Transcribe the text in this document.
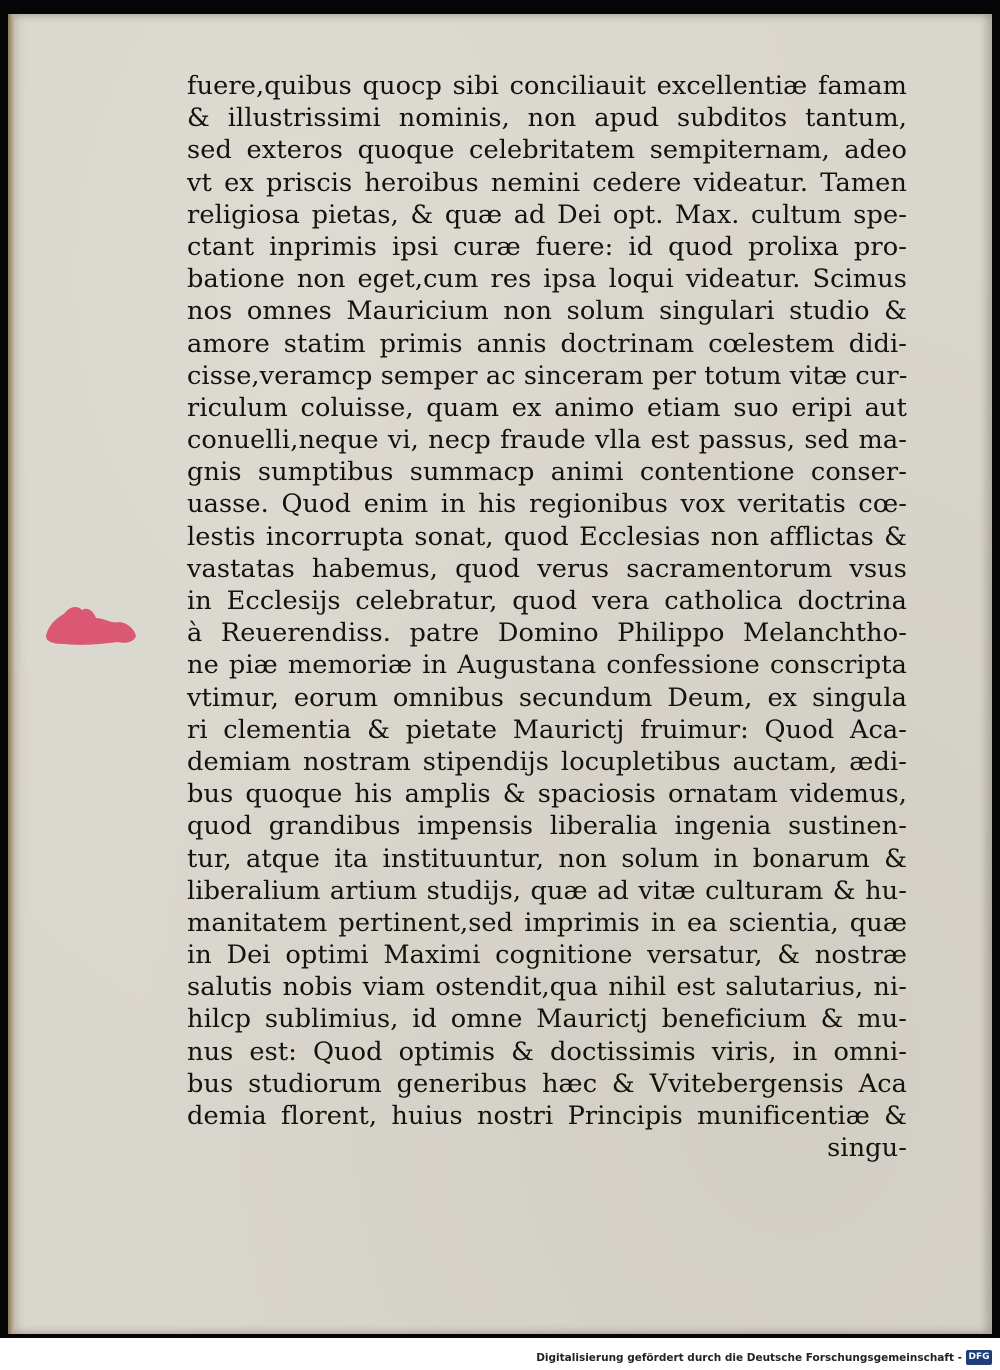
fuere,quibus quocp sibi conciliauit excellentiæ famam
& illustrissimi nominis, non apud subditos tantum,
sed exteros quoque celebritatem sempiternam, adeo
vt ex priscis heroibus nemini cedere videatur. Tamen
religiosa pietas, & quæ ad Dei opt. Max. cultum spe-
ctant inprimis ipsi curæ fuere: id quod prolixa pro-
batione non eget,cum res ipsa loqui videatur. Scimus
nos omnes Mauricium non solum singulari studio &
amore statim primis annis doctrinam cœlestem didi-
cisse,veramcp semper ac sinceram per totum vitæ cur-
riculum coluisse, quam ex animo etiam suo eripi aut
conuelli,neque vi, necp fraude vlla est passus, sed ma-
gnis sumptibus summacp animi contentione conser-
uasse. Quod enim in his regionibus vox veritatis cœ-
lestis incorrupta sonat, quod Ecclesias non afflictas &
vastatas habemus, quod verus sacramentorum vsus
in Ecclesijs celebratur, quod vera catholica doctrina
à Reuerendiss. patre Domino Philippo Melanchtho-
ne piæ memoriæ in Augustana confessione conscripta
vtimur, eorum omnibus secundum Deum, ex singula
ri clementia & pietate Maurictj fruimur: Quod Aca-
demiam nostram stipendijs locupletibus auctam, ædi-
bus quoque his amplis & spaciosis ornatam videmus,
quod grandibus impensis liberalia ingenia sustinen-
tur, atque ita instituuntur, non solum in bonarum &
liberalium artium studijs, quæ ad vitæ culturam & hu-
manitatem pertinent,sed imprimis in ea scientia, quæ
in Dei optimi Maximi cognitione versatur, & nostræ
salutis nobis viam ostendit,qua nihil est salutarius, ni-
hilcp sublimius, id omne Maurictj beneficium & mu-
nus est: Quod optimis & doctissimis viris, in omni-
bus studiorum generibus hæc & Vvitebergensis Aca
demia florent, huius nostri Principis munificentiæ &
singu-
Digitalisierung gefördert durch die Deutsche Forschungsgemeinschaft - DFG
